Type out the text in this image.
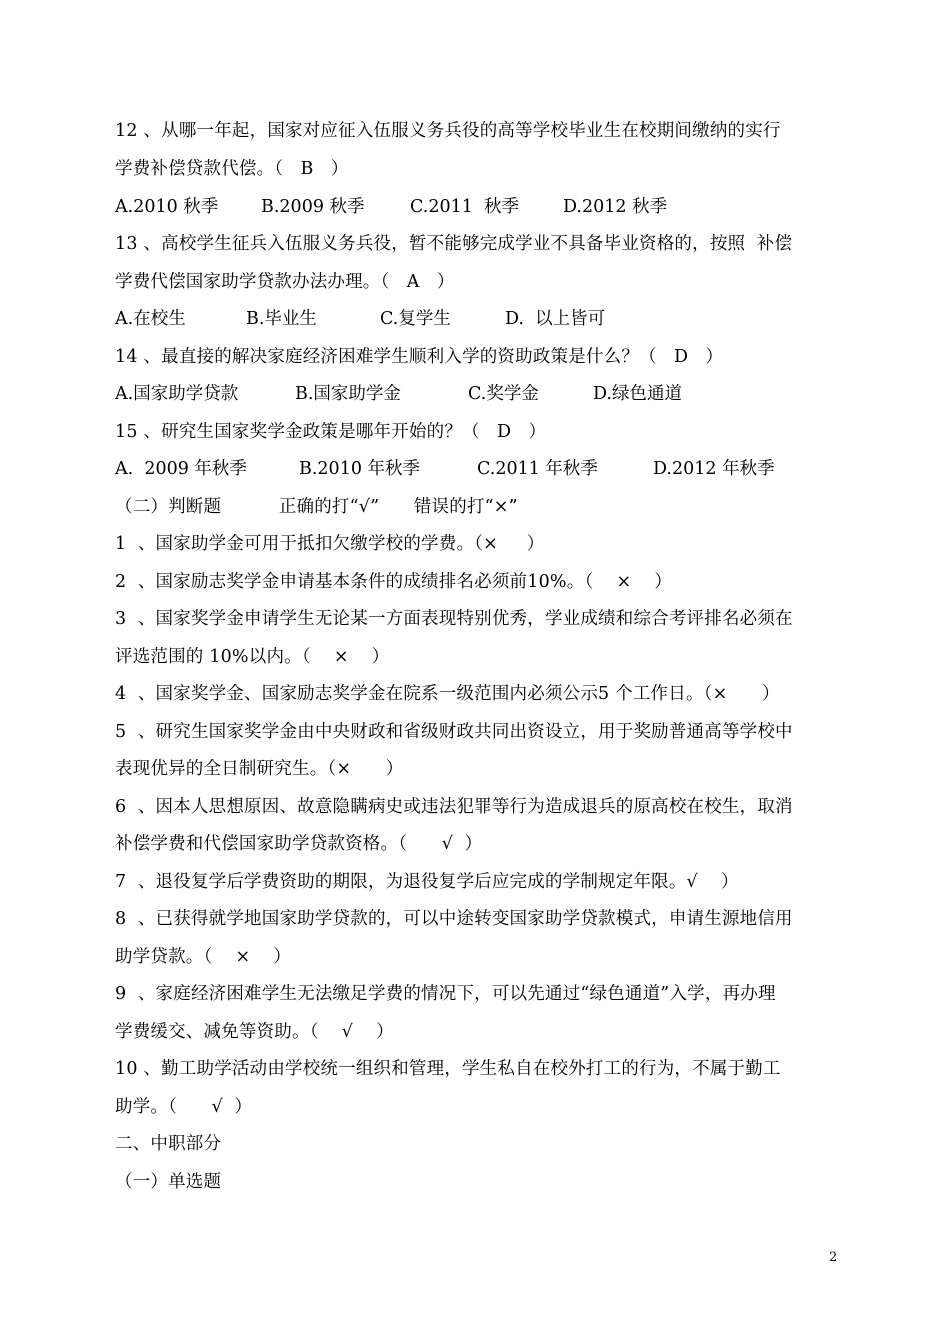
12 、从哪一年起，国家对应征入伍服义务兵役的高等学校毕业生在校期间缴纳的实行
学费补偿贷款代偿。（   B   ）

A.2010 秋季

B.2009 秋季

	C.2011  秋季

	D.2012 秋季

13 、高校学生征兵入伍服义务兵役，暂不能够完成学业不具备毕业资格的，按照  补偿
学费代偿国家助学贷款办法办理。（   A   ）

A.在校生

	B.毕业生

	C.复学生

	D.  以上皆可

14 、最直接的解决家庭经济困难学生顺利入学的资助政策是什么？（   D   ）

A.国家助学贷款

	B.国家助学金

	C.奖学金

	D.绿色通道

15 、研究生国家奖学金政策是哪年开始的？（   D   ）

A.  2009 年秋季

	B.2010 年秋季

	C.2011 年秋季

	D.2012 年秋季

（二）判断题          正确的打“√”      错误的打“×”
1  、国家助学金可用于抵扣欠缴学校的学费。（×     ）
2  、国家励志奖学金申请基本条件的成绩排名必须前10%。（    ×    ）
3  、国家奖学金申请学生无论某一方面表现特别优秀，学业成绩和综合考评排名必须在
评选范围的 10%以内。（    ×    ）
4  、国家奖学金、国家励志奖学金在院系一级范围内必须公示5 个工作日。（×      ）
5  、研究生国家奖学金由中央财政和省级财政共同出资设立，用于奖励普通高等学校中
表现优异的全日制研究生。（×      ）
6  、因本人思想原因、故意隐瞒病史或违法犯罪等行为造成退兵的原高校在校生，取消
补偿学费和代偿国家助学贷款资格。（      √  ）
7  、退役复学后学费资助的期限，为退役复学后应完成的学制规定年限。√    ）
8  、已获得就学地国家助学贷款的，可以中途转变国家助学贷款模式，申请生源地信用
助学贷款。（    ×    ）
9  、家庭经济困难学生无法缴足学费的情况下，可以先通过“绿色通道”入学，再办理
学费缓交、减免等资助。（    √    ）
10 、勤工助学活动由学校统一组织和管理，学生私自在校外打工的行为，不属于勤工
助学。（      √  ）
二、中职部分
（一）单选题
2
